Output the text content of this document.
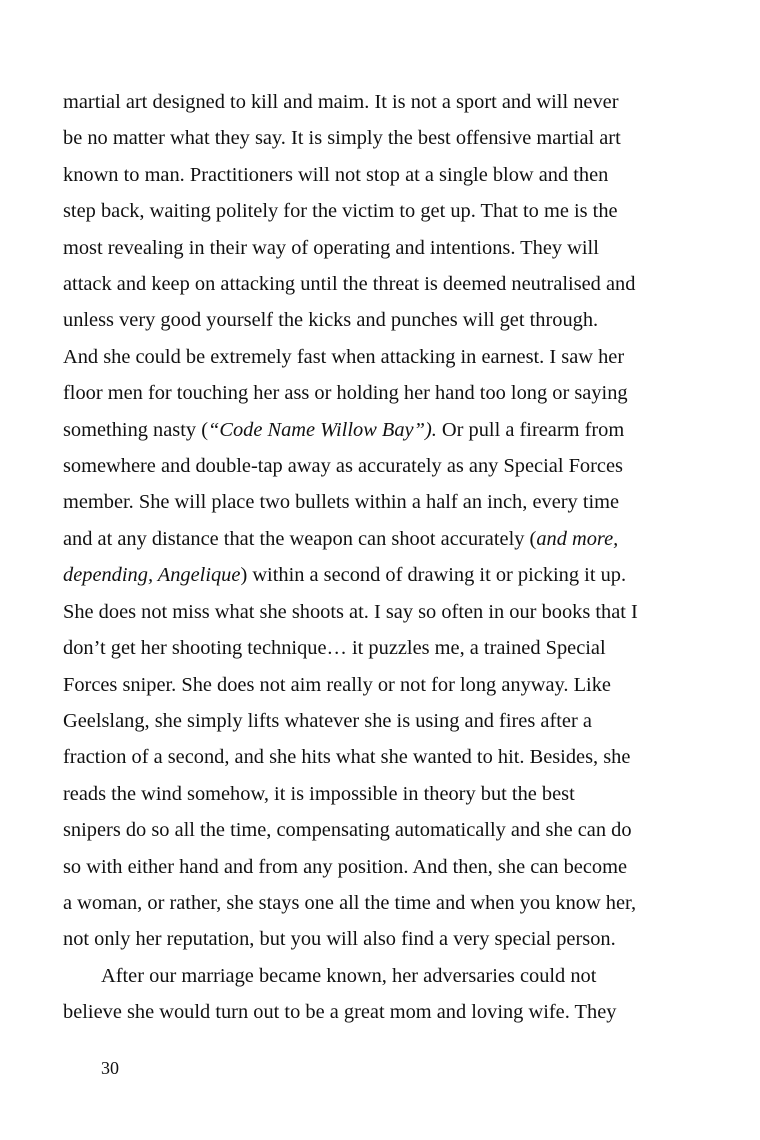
martial art designed to kill and maim. It is not a sport and will never
be no matter what they say. It is simply the best offensive martial art
known to man. Practitioners will not stop at a single blow and then
step back, waiting politely for the victim to get up. That to me is the
most revealing in their way of operating and intentions. They will
attack and keep on attacking until the threat is deemed neutralised and
unless very good yourself the kicks and punches will get through.
And she could be extremely fast when attacking in earnest. I saw her
floor men for touching her ass or holding her hand too long or saying
something nasty (“Code Name Willow Bay”). Or pull a firearm from
somewhere and double-tap away as accurately as any Special Forces
member. She will place two bullets within a half an inch, every time
and at any distance that the weapon can shoot accurately (and more,
depending, Angelique) within a second of drawing it or picking it up.
She does not miss what she shoots at. I say so often in our books that I
don’t get her shooting technique… it puzzles me, a trained Special
Forces sniper. She does not aim really or not for long anyway. Like
Geelslang, she simply lifts whatever she is using and fires after a
fraction of a second, and she hits what she wanted to hit. Besides, she
reads the wind somehow, it is impossible in theory but the best
snipers do so all the time, compensating automatically and she can do
so with either hand and from any position. And then, she can become
a woman, or rather, she stays one all the time and when you know her,
not only her reputation, but you will also find a very special person.
After our marriage became known, her adversaries could not
believe she would turn out to be a great mom and loving wife. They
30
